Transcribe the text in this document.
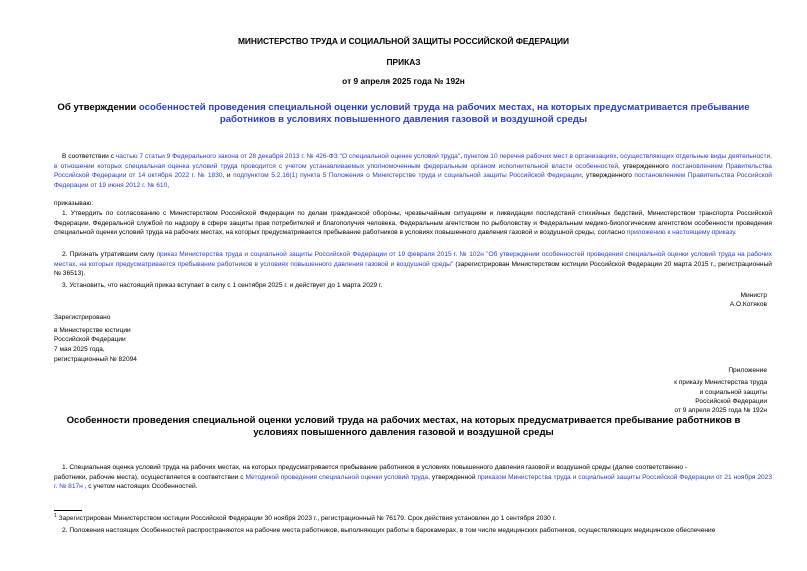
МИНИСТЕРСТВО ТРУДА И СОЦИАЛЬНОЙ ЗАЩИТЫ РОССИЙСКОЙ ФЕДЕРАЦИИ
ПРИКАЗ
от 9 апреля 2025 года № 192н
Об утверждении особенностей проведения специальной оценки условий труда на рабочих местах, на которых предусматривается пребывание работников в условиях повышенного давления газовой и воздушной среды
В соответствии с частью 7 статьи 9 Федерального закона от 28 декабря 2013 г. № 426-ФЗ "О специальной оценке условий труда", пунктом 10 перечня рабочих мест в организациях, осуществляющих отдельные виды деятельности, в отношении которых специальная оценка условий труда проводится с учетом устанавливаемых уполномоченным федеральным органом исполнительной власти особенностей, утвержденного постановлением Правительства Российской Федерации от 14 октября 2022 г. № 1830, и подпунктом 5.2.16(1) пункта 5 Положения о Министерстве труда и социальной защиты Российской Федерации, утвержденного постановлением Правительства Российской Федерации от 19 июня 2012 г. № 610,
приказываю:
1. Утвердить по согласованию с Министерством Российской Федерации по делам гражданской обороны, чрезвычайным ситуациям и ликвидации последствий стихийных бедствий, Министерством транспорта Российской Федерации, Федеральной службой по надзору в сфере защиты прав потребителей и благополучия человека, Федеральным агентством по рыболовству и Федеральным медико-биологическим агентством особенности проведения специальной оценки условий труда на рабочих местах, на которых предусматривается пребывание работников в условиях повышенного давления газовой и воздушной среды, согласно приложению к настоящему приказу.
2. Признать утратившим силу приказ Министерства труда и социальной защиты Российской Федерации от 19 февраля 2015 г. № 102н "Об утверждении особенностей проведения специальной оценки условий труда на рабочих местах, на которых предусматривается пребывание работников в условиях повышенного давления газовой и воздушной среды" (зарегистрирован Министерством юстиции Российской Федерации 20 марта 2015 г., регистрационный № 36513).
3. Установить, что настоящий приказ вступает в силу с 1 сентября 2025 г. и действует до 1 марта 2029 г.
Министр
А.О.Котяков
Зарегистрировано
в Министерстве юстиции
Российской Федерации
7 мая 2025 года,
регистрационный № 82094
Приложение
к приказу Министерства труда
и социальной защиты
Российской Федерации
от 9 апреля 2025 года № 192н
Особенности проведения специальной оценки условий труда на рабочих местах, на которых предусматривается пребывание работников в условиях повышенного давления газовой и воздушной среды
1. Специальная оценка условий труда на рабочих местах, на которых предусматривается пребывание работников в условиях повышенного давления газовой и воздушной среды (далее соответственно -
работники, рабочие места), осуществляется в соответствии с Методикой проведения специальной оценки условий труда, утвержденной приказом Министерства труда и социальной защиты Российской Федерации от 21 ноября 2023 г. № 817н , с учетом настоящих Особенностей.
$^1$ Зарегистрирован Министерством юстиции Российской Федерации 30 ноября 2023 г., регистрационный № 76179. Срок действия установлен до 1 сентября 2030 г.
2. Положения настоящих Особенностей распространяются на рабочие места работников, выполняющих работы в барокамерах, в том числе медицинских работников, осуществляющих медицинское обеспечение
